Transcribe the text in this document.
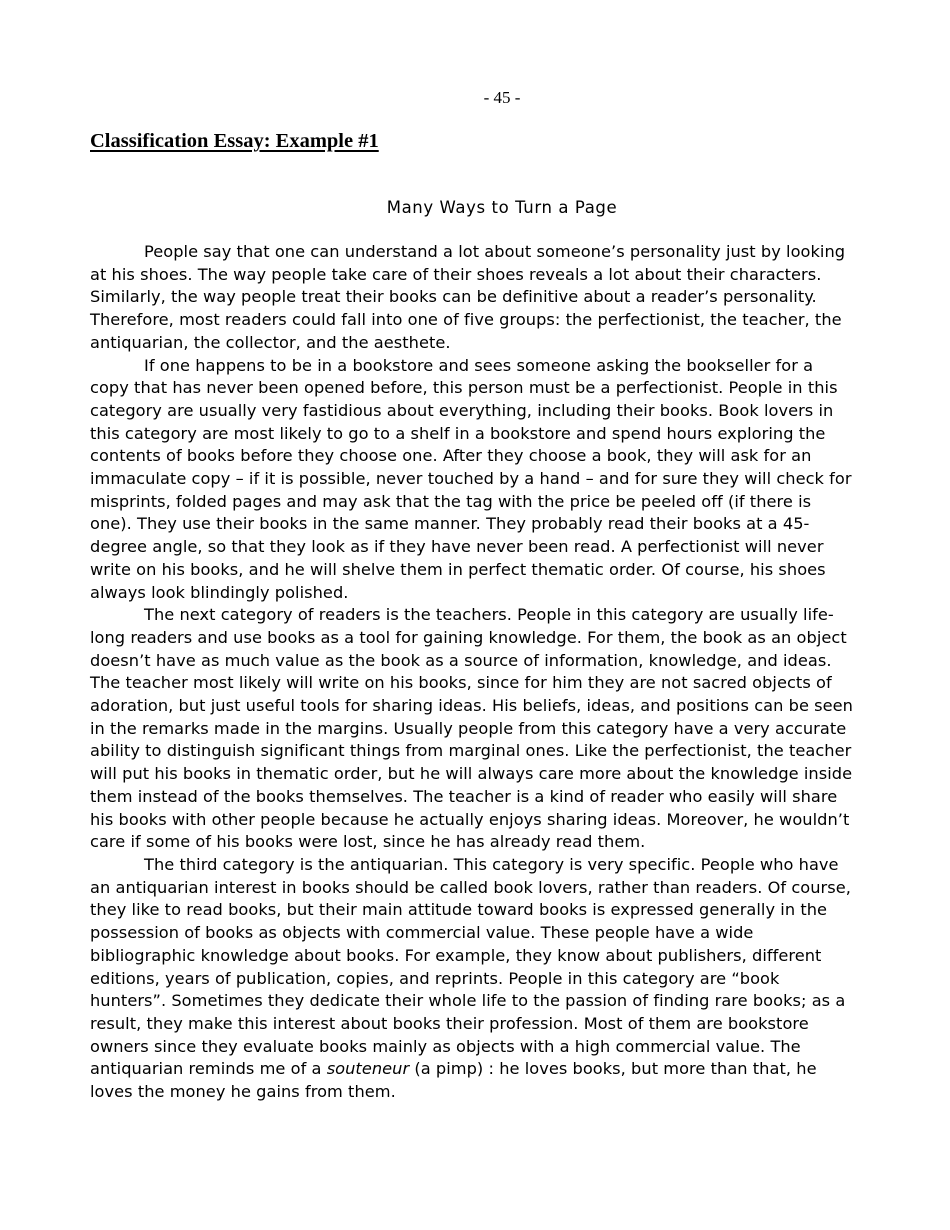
- 45 -
Classification Essay: Example #1
Many Ways to Turn a Page
People say that one can understand a lot about someone’s personality just by looking
at his shoes. The way people take care of their shoes reveals a lot about their characters.
Similarly, the way people treat their books can be definitive about a reader’s personality.
Therefore, most readers could fall into one of five groups: the perfectionist, the teacher, the
antiquarian, the collector, and the aesthete.
If one happens to be in a bookstore and sees someone asking the bookseller for a
copy that has never been opened before, this person must be a perfectionist. People in this
category are usually very fastidious about everything, including their books. Book lovers in
this category are most likely to go to a shelf in a bookstore and spend hours exploring the
contents of books before they choose one. After they choose a book, they will ask for an
immaculate copy – if it is possible, never touched by a hand – and for sure they will check for
misprints, folded pages and may ask that the tag with the price be peeled off (if there is
one). They use their books in the same manner. They probably read their books at a 45-
degree angle, so that they look as if they have never been read. A perfectionist will never
write on his books, and he will shelve them in perfect thematic order. Of course, his shoes
always look blindingly polished.
The next category of readers is the teachers. People in this category are usually life-
long readers and use books as a tool for gaining knowledge. For them, the book as an object
doesn’t have as much value as the book as a source of information, knowledge, and ideas.
The teacher most likely will write on his books, since for him they are not sacred objects of
adoration, but just useful tools for sharing ideas. His beliefs, ideas, and positions can be seen
in the remarks made in the margins. Usually people from this category have a very accurate
ability to distinguish significant things from marginal ones. Like the perfectionist, the teacher
will put his books in thematic order, but he will always care more about the knowledge inside
them instead of the books themselves. The teacher is a kind of reader who easily will share
his books with other people because he actually enjoys sharing ideas. Moreover, he wouldn’t
care if some of his books were lost, since he has already read them.
The third category is the antiquarian. This category is very specific. People who have
an antiquarian interest in books should be called book lovers, rather than readers. Of course,
they like to read books, but their main attitude toward books is expressed generally in the
possession of books as objects with commercial value. These people have a wide
bibliographic knowledge about books. For example, they know about publishers, different
editions, years of publication, copies, and reprints. People in this category are “book
hunters”. Sometimes they dedicate their whole life to the passion of finding rare books; as a
result, they make this interest about books their profession. Most of them are bookstore
owners since they evaluate books mainly as objects with a high commercial value. The
antiquarian reminds me of a souteneur (a pimp) : he loves books, but more than that, he
loves the money he gains from them.
